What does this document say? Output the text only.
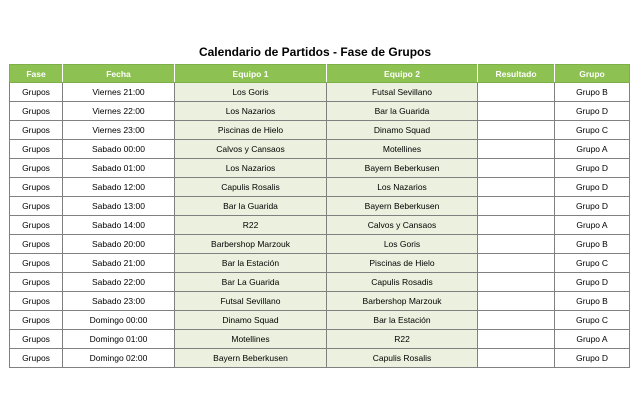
Calendario de Partidos - Fase de Grupos
Fase	Fecha	Equipo 1	Equipo 2	Resultado	Grupo
Grupos	Viernes 21:00	Los Goris	Futsal Sevillano		Grupo B
Grupos	Viernes 22:00	Los Nazarios	Bar la Guarida		Grupo D
Grupos	Viernes 23:00	Piscinas de Hielo	Dinamo Squad		Grupo C
Grupos	Sabado 00:00	Calvos y Cansaos	Motellines		Grupo A
Grupos	Sabado 01:00	Los Nazarios	Bayern Beberkusen		Grupo D
Grupos	Sabado 12:00	Capulis Rosalis	Los Nazarios		Grupo D
Grupos	Sabado 13:00	Bar la Guarida	Bayern Beberkusen		Grupo D
Grupos	Sabado 14:00	R22	Calvos y Cansaos		Grupo A
Grupos	Sabado 20:00	Barbershop Marzouk	Los Goris		Grupo B
Grupos	Sabado 21:00	Bar la Estación	Piscinas de Hielo		Grupo C
Grupos	Sabado 22:00	Bar La Guarida	Capulis Rosadis		Grupo D
Grupos	Sabado 23:00	Futsal Sevillano	Barbershop Marzouk		Grupo B
Grupos	Domingo 00:00	Dinamo Squad	Bar la Estación		Grupo C
Grupos	Domingo 01:00	Motellines	R22		Grupo A
Grupos	Domingo 02:00	Bayern Beberkusen	Capulis Rosalis		Grupo D
